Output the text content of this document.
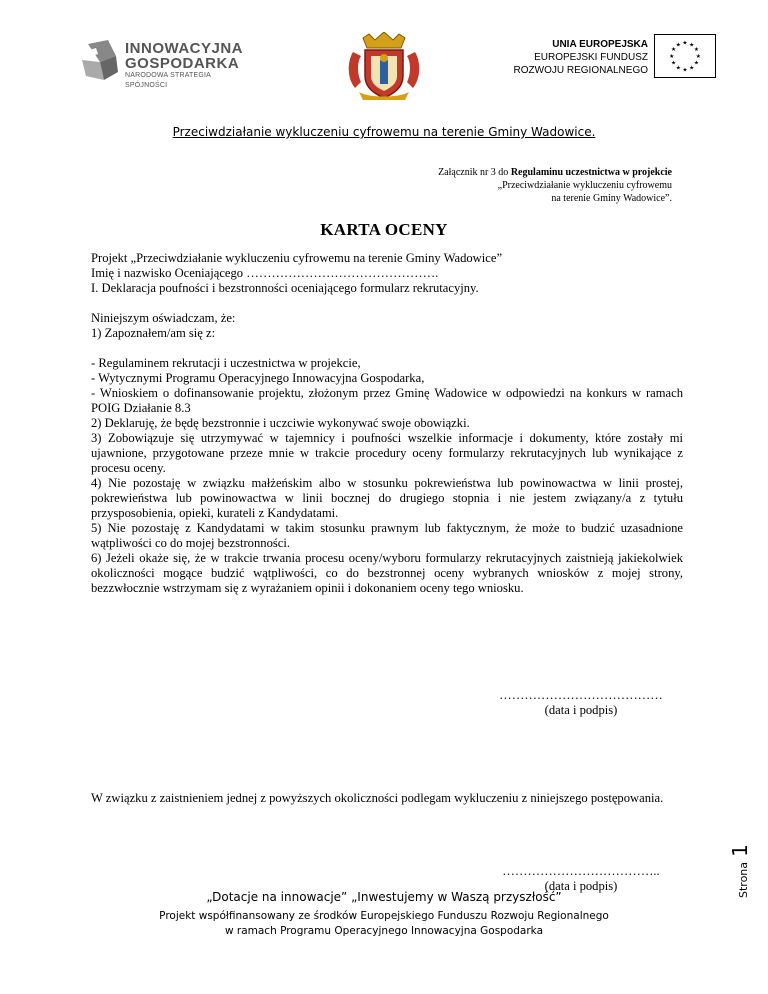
INNOWACYJNA
GOSPODARKA
NARODOWA STRATEGIA SPÓJNOŚCI
UNIA EUROPEJSKA
EUROPEJSKI FUNDUSZ
ROZWOJU REGIONALNEGO
★ ★
★
★
★
★
★
★
★
★
★
★
Przeciwdziałanie wykluczeniu cyfrowemu na terenie Gminy Wadowice.
Załącznik nr 3 do Regulaminu uczestnictwa w projekcie
„Przeciwdziałanie wykluczeniu cyfrowemu
na terenie Gminy Wadowice”.
KARTA OCENY

Projekt „Przeciwdziałanie wykluczeniu cyfrowemu na terenie Gminy Wadowice”

Imię i nazwisko Oceniającego ……………………………………….

I. Deklaracja poufności i bezstronności oceniającego formularz rekrutacyjny.

Niniejszym oświadczam, że:

1) Zapoznałem/am się z:

- Regulaminem rekrutacji i uczestnictwa w projekcie,

- Wytycznymi Programu Operacyjnego Innowacyjna Gospodarka,

- Wnioskiem o dofinansowanie projektu, złożonym przez Gminę Wadowice w odpowiedzi na konkurs w ramach POIG Działanie 8.3

2) Deklaruję, że będę bezstronnie i uczciwie wykonywać swoje obowiązki.

3) Zobowiązuje się utrzymywać w tajemnicy i poufności wszelkie informacje i dokumenty, które zostały mi ujawnione, przygotowane przeze mnie w trakcie procedury oceny formularzy rekrutacyjnych lub wynikające z procesu oceny.

4) Nie pozostaję w związku małżeńskim albo w stosunku pokrewieństwa lub powinowactwa w linii prostej, pokrewieństwa lub powinowactwa w linii bocznej do drugiego stopnia i nie jestem związany/a z tytułu przysposobienia, opieki, kurateli z Kandydatami.

5) Nie pozostaję z Kandydatami w takim stosunku prawnym lub faktycznym, że może to budzić uzasadnione wątpliwości co do mojej bezstronności.

6) Jeżeli okaże się, że w trakcie trwania procesu oceny/wyboru formularzy rekrutacyjnych zaistnieją jakiekolwiek okoliczności mogące budzić wątpliwości, co do bezstronnej oceny wybranych wniosków z mojej strony, bezzwłocznie wstrzymam się z wyrażaniem opinii i dokonaniem oceny tego wniosku.

…………………………………
(data i podpis)
W związku z zaistnieniem jednej z powyższych okoliczności podlegam wykluczeniu z niniejszego postępowania.
………………………………..
(data i podpis)	Strona 1
„Dotacje na innowacje” „Inwestujemy w Waszą przyszłość”
Projekt współfinansowany ze środków Europejskiego Funduszu Rozwoju Regionalnego
w ramach Programu Operacyjnego Innowacyjna Gospodarka
